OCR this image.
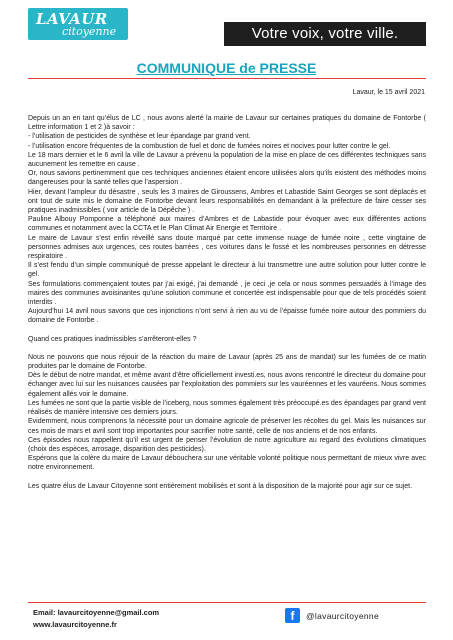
LAVAUR
citoyenne	Votre voix, votre ville.
COMMUNIQUE de PRESSE
Lavaur, le 15 avril 2021

Depuis un an en tant qu’élus de LC , nous avons alerté la mairie de Lavaur sur certaines pratiques du domaine de Fontorbe ( Lettre information 1 et 2 )à savoir :

- l’utilisation de pesticides de synthèse et leur épandage par grand vent.

- l’utilisation encore fréquentes de la combustion de fuel et donc de fumées noires et nocives pour lutter contre le gel.

Le 18 mars dernier et le 6 avril la ville de Lavaur a prévenu la population de la mise en place de ces différentes techniques sans aucunement les remettre en cause .

Or, nous savions pertinemment que ces techniques anciennes étaient encore utilisées alors qu’ils existent des méthodes moins dangereuses pour la santé telles que l’aspersion .

Hier, devant l’ampleur du désastre , seuls les 3 maires de Giroussens, Ambres et Labastide Saint Georges se sont déplacés et ont tout de suite mis le domaine de Fontorbe devant leurs responsabilités en demandant à la préfecture de faire cesser ses pratiques inadmissibles ( voir article de la Dépêche ) .

Pauline Albouy Pomponne a téléphoné aux maires d’Ambres et de Labastide pour évoquer avec eux différentes actions communes et notamment avec la CCTA et le Plan Climat Air Energie et Territoire .

Le maire de Lavaur s’est enfin réveillé sans doute marqué par cette immense nuage de fumée noire , cette vingtaine de personnes admises aux urgences, ces routes barrées , ces voitures dans le fossé et les nombreuses personnes en détresse respiratoire .

Il s’est fendu d’un simple communiqué de presse appelant le directeur à lui transmettre une autre solution pour lutter contre le gel.

Ses formulations commençaient toutes par j’ai exigé, j’ai demandé , je ceci ,je cela or nous sommes persuadés à l’image des maires des communes avoisinantes qu’une solution commune et concertée est indispensable pour que de tels procédés soient interdits .

Aujourd’hui 14 avril nous savons que ces injonctions n’ont servi à rien au vu de l’épaisse fumée noire autour des pommiers du domaine de Fontorbe .

Quand ces pratiques inadmissibles s’arrêteront-elles ?

Nous ne pouvons que nous réjouir de la réaction du maire de Lavaur (après 25 ans de mandat) sur les fumées de ce matin produites par le domaine de Fontorbe.

Dès le début de notre mandat, et même avant d’être officiellement investi.es, nous avons rencontré le directeur du domaine pour échanger avec lui sur les nuisances causées par l’exploitation des pommiers sur les vauréennes et les vauréens. Nous sommes également allés voir le domaine.

Les fumées ne sont que la partie visible de l’iceberg, nous sommes également très préoccupé.es des épandages par grand vent réalisés de manière intensive ces derniers jours.

Evidemment, nous comprenons la nécessité pour un domaine agricole de préserver les récoltes du gel. Mais les nuisances sur ces mois de mars et avril sont trop importantes pour sacrifier notre santé, celle de nos anciens et de nos enfants.

Ces épisodes nous rappellent qu’il est urgent de penser l’évolution de notre agriculture au regard des évolutions climatiques (choix des espèces, arrosage, disparition des pesticides).

Espérons que la colère du maire de Lavaur débouchera sur une véritable volonté politique nous permettant de mieux vivre avec notre environnement.

Les quatre élus de Lavaur Citoyenne sont entièrement mobilisés et sont à la disposition de la majorité pour agir sur ce sujet.

Email: lavaurcitoyenne@gmail.com
www.lavaurcitoyenne.fr
f	@lavaurcitoyenne
